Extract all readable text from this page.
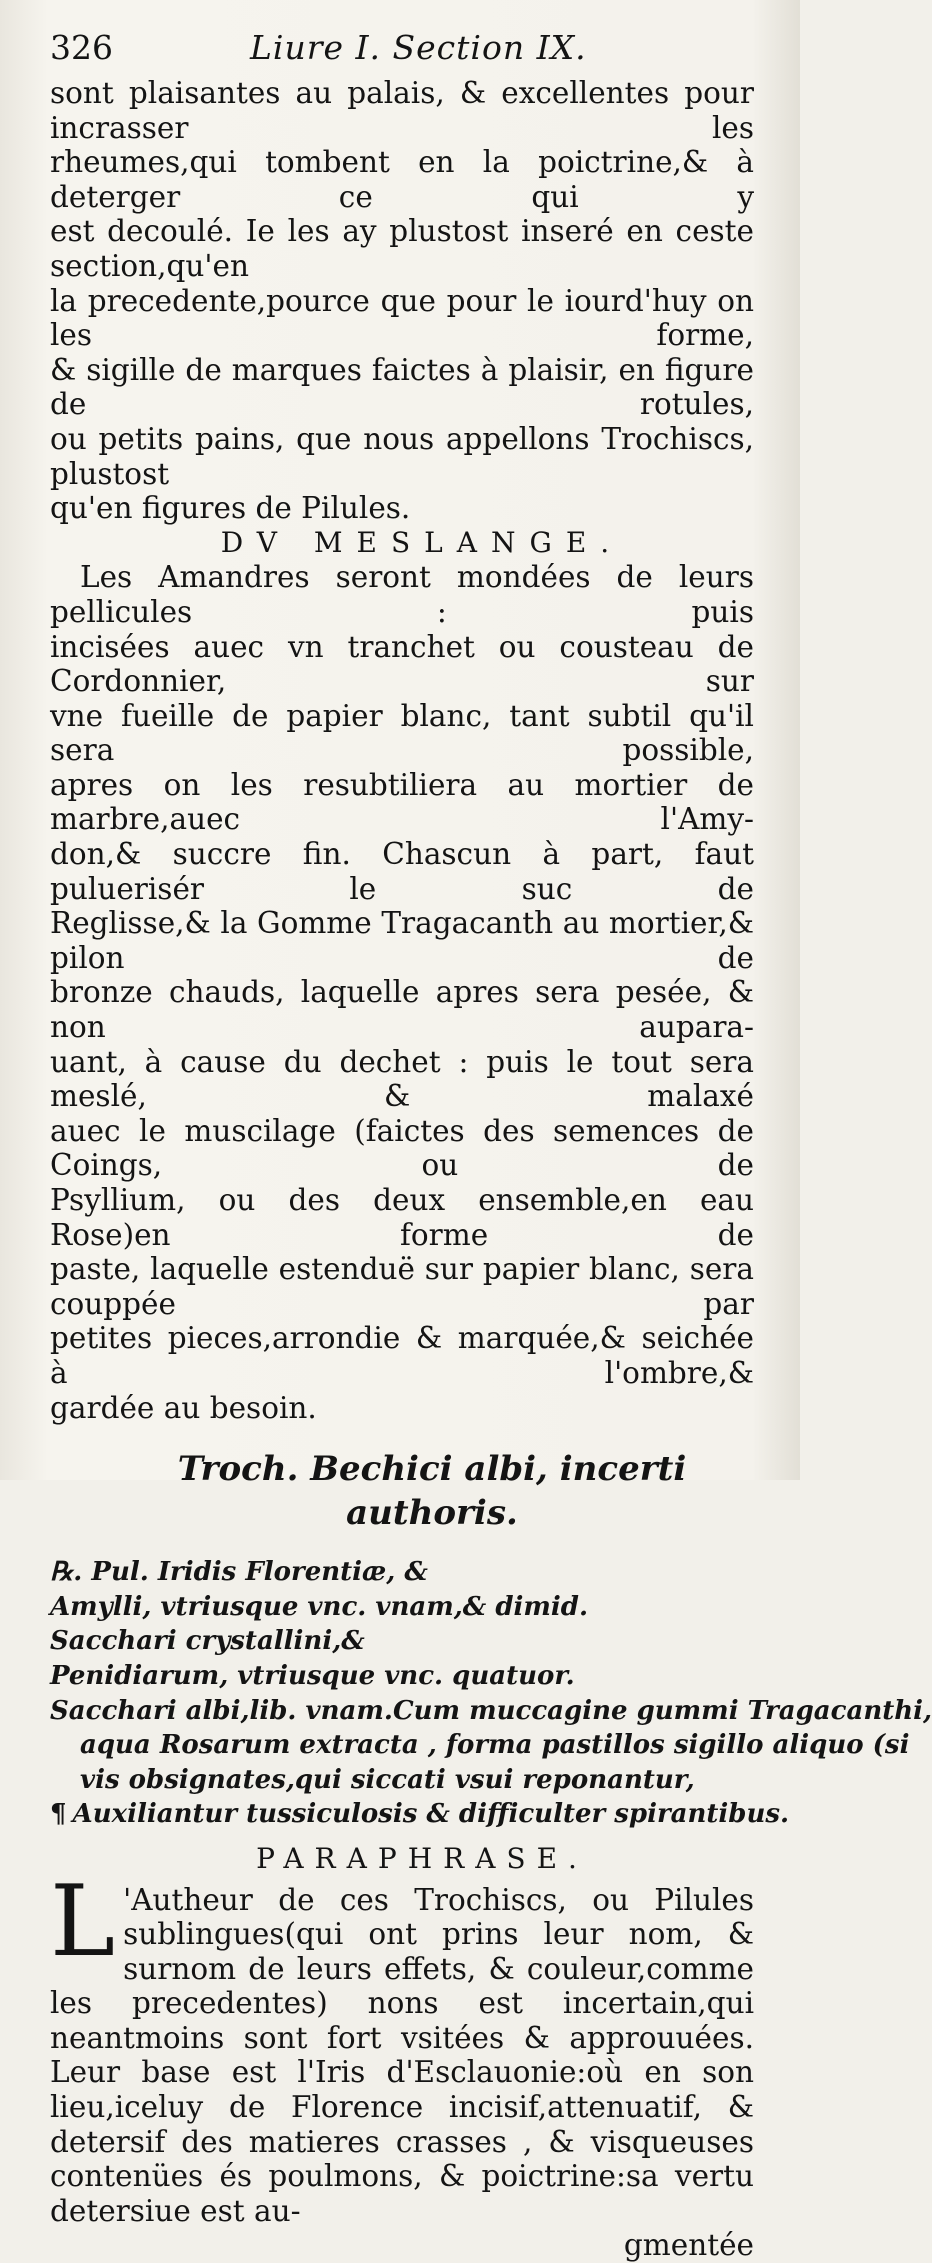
326	Liure I. Section IX.

sont plaisantes au palais, & excellentes pour incrasser les

rheumes,qui tombent en la poictrine,& à deterger ce qui y

est decoulé. Ie les ay plustost inseré en ceste section,qu'en

la precedente,pource que pour le iourd'huy on les forme,

& sigille de marques faictes à plaisir, en figure de rotules,

ou petits pains, que nous appellons Trochiscs, plustost

qu'en figures de Pilules.

DV MESLANGE.

Les Amandres seront mondées de leurs pellicules : puis

incisées auec vn tranchet ou cousteau de Cordonnier, sur

vne fueille de papier blanc, tant subtil qu'il sera possible,

apres on les resubtiliera au mortier de marbre,auec l'Amy-

don,& succre fin. Chascun à part, faut puluerisér le suc de

Reglisse,& la Gomme Tragacanth au mortier,& pilon de

bronze chauds, laquelle apres sera pesée, & non aupara-

uant, à cause du dechet : puis le tout sera meslé, & malaxé

auec le muscilage (faictes des semences de Coings, ou de

Psyllium, ou des deux ensemble,en eau Rose)en forme de

paste, laquelle estenduë sur papier blanc, sera couppée par

petites pieces,arrondie & marquée,& seichée à l'ombre,&

gardée au besoin.

Troch. Bechici albi, incerti authoris.

℞. Pul. Iridis Florentiæ, &

Amylli, vtriusque vnc. vnam,& dimid.

Sacchari crystallini,&

Penidiarum, vtriusque vnc. quatuor.

Sacchari albi,lib. vnam.Cum muccagine gummi Tragacanthi,

aqua Rosarum extracta , forma pastillos sigillo aliquo (si

vis obsignates,qui siccati vsui reponantur,

¶ Auxiliantur tussiculosis & difficulter spirantibus.

PARAPHRASE.
L 'Autheur de ces Trochiscs, ou Pilules sublingues(qui ont prins leur nom, & surnom de leurs effets, & couleur,comme les precedentes) nons est incertain,qui neantmoins sont fort vsitées & approuuées. Leur base est l'Iris d'Esclauonie:où en son lieu,iceluy de Florence incisif,attenuatif, & detersif des matieres crasses , & visqueuses contenües és poulmons, & poictrine:sa vertu detersiue est au-

gmentée
